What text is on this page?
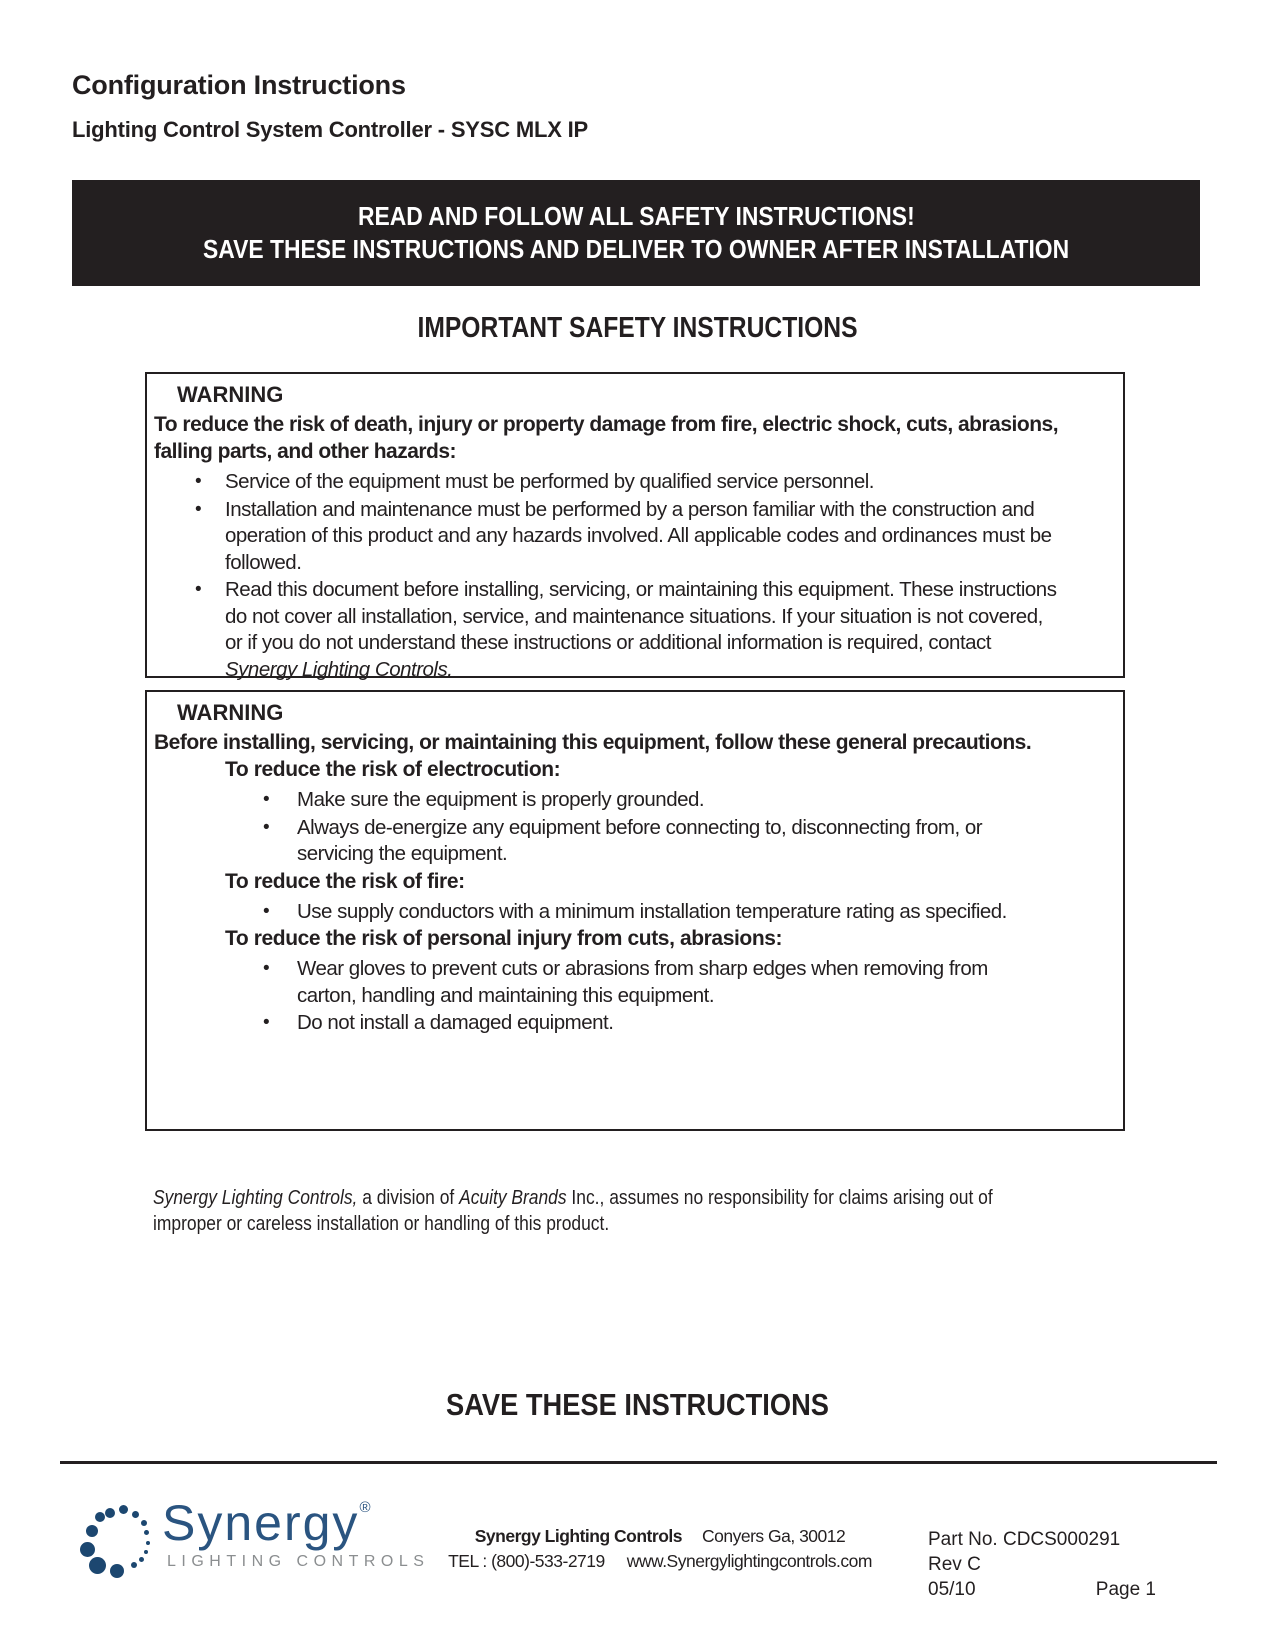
Configuration Instructions
Lighting Control System Controller - SYSC MLX IP
READ AND FOLLOW ALL SAFETY INSTRUCTIONS!
SAVE THESE INSTRUCTIONS AND DELIVER TO OWNER AFTER INSTALLATION
IMPORTANT SAFETY INSTRUCTIONS
WARNING

To reduce the risk of death, injury or property damage from fire, electric shock, cuts, abrasions, falling parts, and other hazards:

• Service of the equipment must be performed by qualified service personnel.
• Installation and maintenance must be performed by a person familiar with the construction and operation of this product and any hazards involved. All applicable codes and ordinances must be followed.
• Read this document before installing, servicing, or maintaining this equipment. These instructions do not cover all installation, service, and maintenance situations. If your situation is not covered, or if you do not understand these instructions or additional information is required, contact Synergy Lighting Controls.
WARNING

Before installing, servicing, or maintaining this equipment, follow these general precautions.

To reduce the risk of electrocution:
• Make sure the equipment is properly grounded.
• Always de-energize any equipment before connecting to, disconnecting from, or servicing the equipment.
To reduce the risk of fire:
• Use supply conductors with a minimum installation temperature rating as specified.
To reduce the risk of personal injury from cuts, abrasions:
• Wear gloves to prevent cuts or abrasions from sharp edges when removing from carton, handling and maintaining this equipment.
• Do not install a damaged equipment.

Synergy Lighting Controls, a division of Acuity Brands Inc., assumes no responsibility for claims arising out of improper or careless installation or handling of this product.

SAVE THESE INSTRUCTIONS
Synergy®
LIGHTING CONTROLS
Synergy Lighting Controls Conyers Ga, 30012
TEL : (800)-533-2719 www.Synergylightingcontrols.com
Part No. CDCS000291 Rev C
05/10	Page 1
